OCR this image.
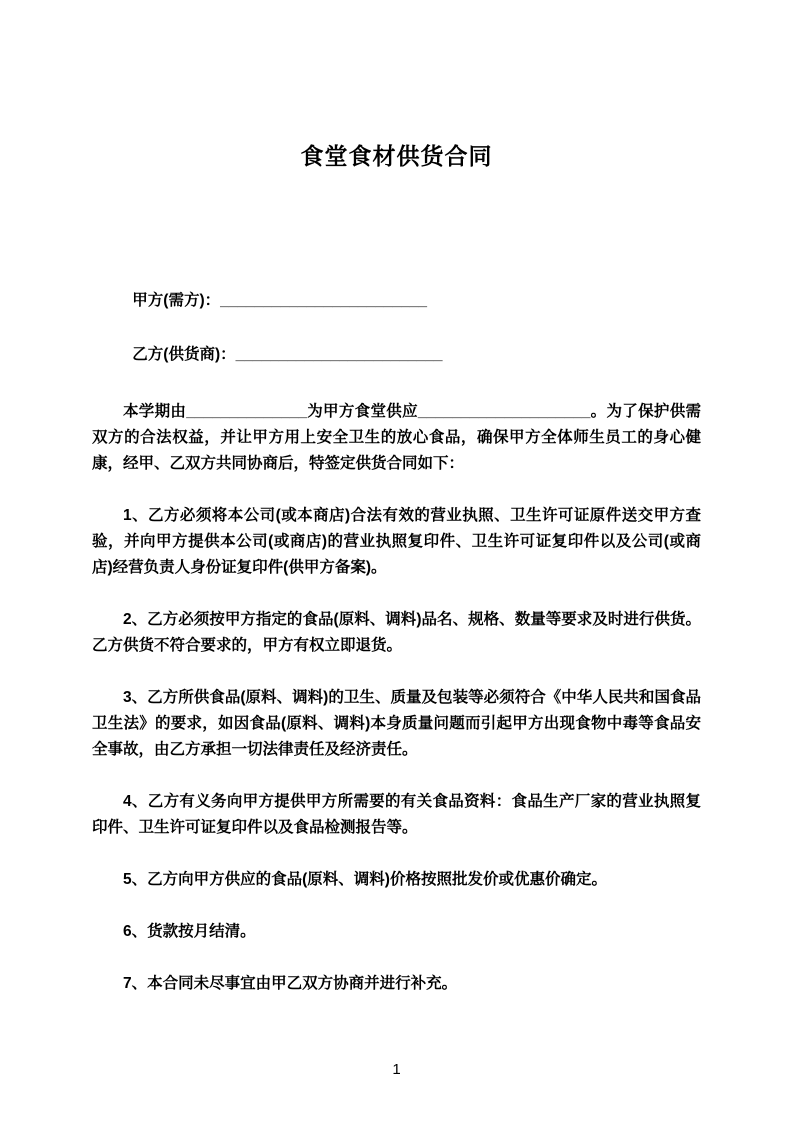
食堂食材供货合同

甲方(需方)：________________________

乙方(供货商)：________________________

本学期由______________为甲方食堂供应____________________。为了保护供需双方的合法权益，并让甲方用上安全卫生的放心食品，确保甲方全体师生员工的身心健康，经甲、乙双方共同协商后，特签定供货合同如下：

1、乙方必须将本公司(或本商店)合法有效的营业执照、卫生许可证原件送交甲方查验，并向甲方提供本公司(或商店)的营业执照复印件、卫生许可证复印件以及公司(或商店)经营负责人身份证复印件(供甲方备案)。

2、乙方必须按甲方指定的食品(原料、调料)品名、规格、数量等要求及时进行供货。乙方供货不符合要求的，甲方有权立即退货。

3、乙方所供食品(原料、调料)的卫生、质量及包装等必须符合《中华人民共和国食品卫生法》的要求，如因食品(原料、调料)本身质量问题而引起甲方出现食物中毒等食品安全事故，由乙方承担一切法律责任及经济责任。

4、乙方有义务向甲方提供甲方所需要的有关食品资料：食品生产厂家的营业执照复印件、卫生许可证复印件以及食品检测报告等。

5、乙方向甲方供应的食品(原料、调料)价格按照批发价或优惠价确定。

6、货款按月结清。

7、本合同未尽事宜由甲乙双方协商并进行补充。

1
